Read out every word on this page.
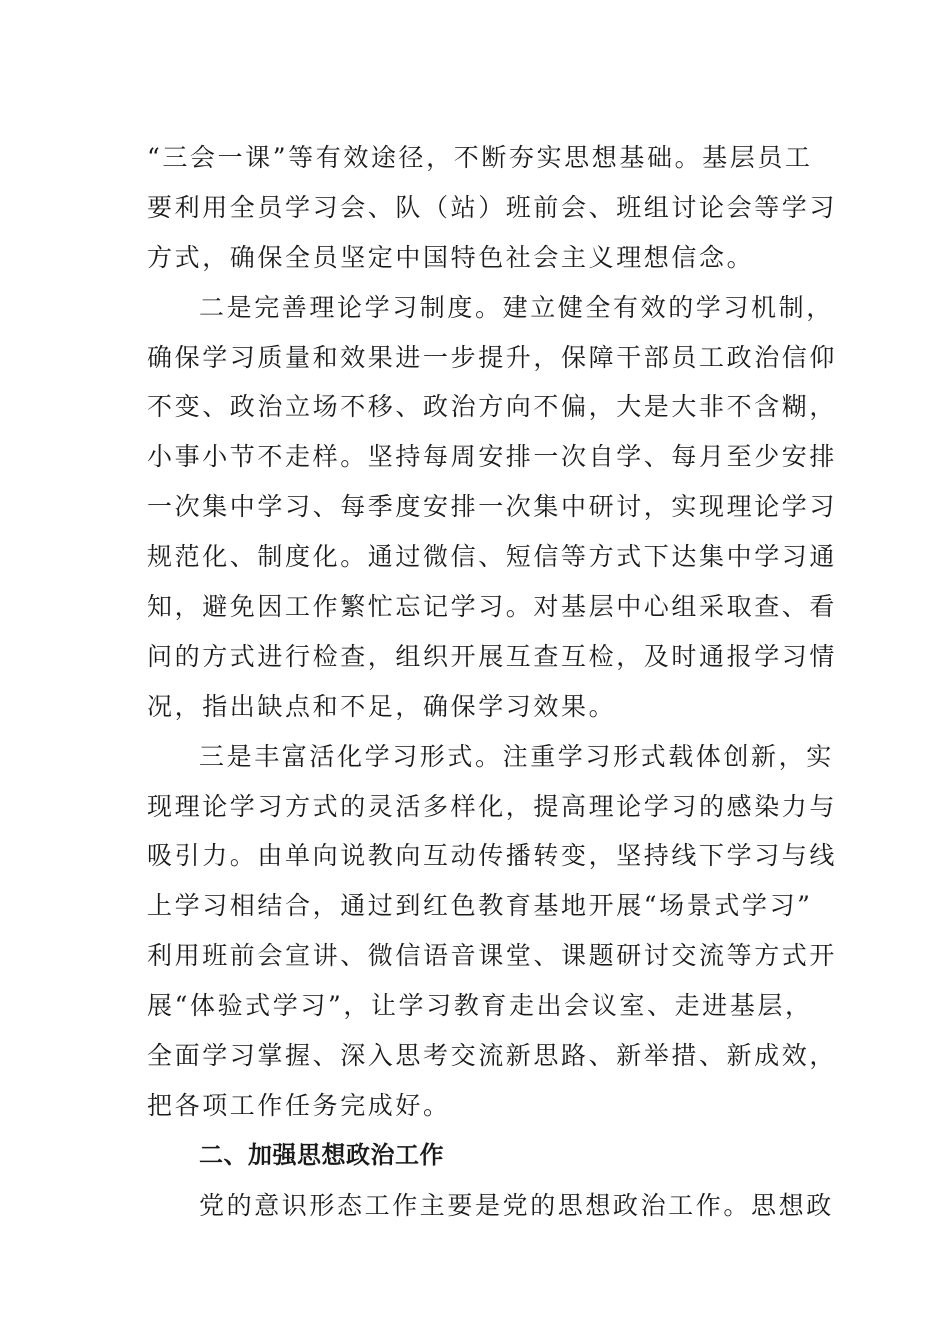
“三会一课”等有效途径，不断夯实思想基础。基层员工
要利用全员学习会、队（站）班前会、班组讨论会等学习
方式，确保全员坚定中国特色社会主义理想信念。
二是完善理论学习制度。建立健全有效的学习机制，
确保学习质量和效果进一步提升，保障干部员工政治信仰
不变、政治立场不移、政治方向不偏，大是大非不含糊，
小事小节不走样。坚持每周安排一次自学、每月至少安排
一次集中学习、每季度安排一次集中研讨，实现理论学习
规范化、制度化。通过微信、短信等方式下达集中学习通
知，避免因工作繁忙忘记学习。对基层中心组采取查、看
问的方式进行检查，组织开展互查互检，及时通报学习情
况，指出缺点和不足，确保学习效果。
三是丰富活化学习形式。注重学习形式载体创新，实
现理论学习方式的灵活多样化，提高理论学习的感染力与
吸引力。由单向说教向互动传播转变，坚持线下学习与线
上学习相结合，通过到红色教育基地开展“场景式学习”
利用班前会宣讲、微信语音课堂、课题研讨交流等方式开
展“体验式学习”，让学习教育走出会议室、走进基层，
全面学习掌握、深入思考交流新思路、新举措、新成效，
把各项工作任务完成好。
二、加强思想政治工作
党的意识形态工作主要是党的思想政治工作。思想政
